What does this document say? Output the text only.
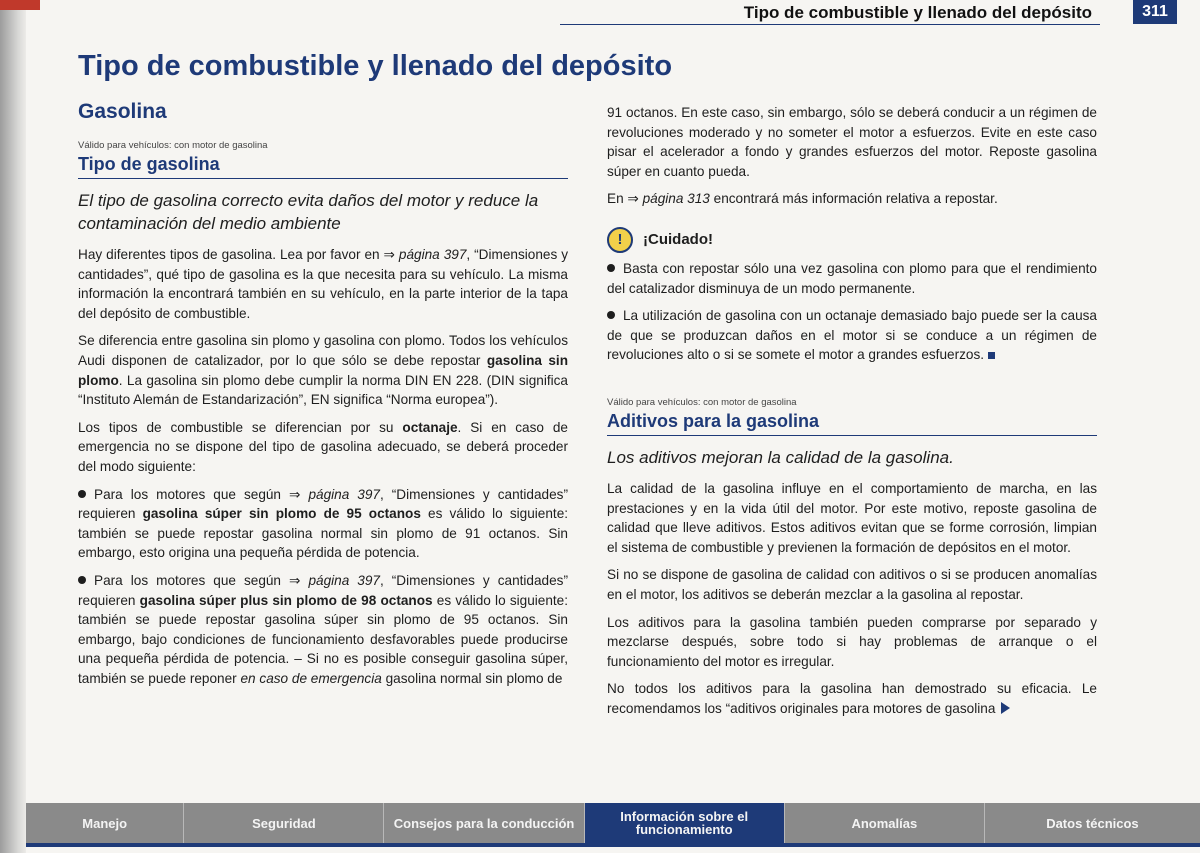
Tipo de combustible y llenado del depósito	311
Tipo de combustible y llenado del depósito
Gasolina
Válido para vehículos: con motor de gasolina
Tipo de gasolina
El tipo de gasolina correcto evita daños del motor y reduce la contaminación del medio ambiente

Hay diferentes tipos de gasolina. Lea por favor en ⇒ página 397, “Dimensiones y cantidades”, qué tipo de gasolina es la que necesita para su vehículo. La misma información la encontrará también en su vehículo, en la parte interior de la tapa del depósito de combustible.

Se diferencia entre gasolina sin plomo y gasolina con plomo. Todos los vehículos Audi disponen de catalizador, por lo que sólo se debe repostar gasolina sin plomo. La gasolina sin plomo debe cumplir la norma DIN EN 228. (DIN significa “Instituto Alemán de Estandarización”, EN significa “Norma europea”).

Los tipos de combustible se diferencian por su octanaje. Si en caso de emergencia no se dispone del tipo de gasolina adecuado, se deberá proceder del modo siguiente:

Para los motores que según ⇒ página 397, “Dimensiones y cantidades” requieren gasolina súper sin plomo de 95 octanos es válido lo siguiente: también se puede repostar gasolina normal sin plomo de 91 octanos. Sin embargo, esto origina una pequeña pérdida de potencia.

Para los motores que según ⇒ página 397, “Dimensiones y cantidades” requieren gasolina súper plus sin plomo de 98 octanos es válido lo siguiente: también se puede repostar gasolina súper sin plomo de 95 octanos. Sin embargo, bajo condiciones de funcionamiento desfavorables puede producirse una pequeña pérdida de potencia. – Si no es posible conseguir gasolina súper, también se puede reponer en caso de emergencia gasolina normal sin plomo de

91 octanos. En este caso, sin embargo, sólo se deberá conducir a un régimen de revoluciones moderado y no someter el motor a esfuerzos. Evite en este caso pisar el acelerador a fondo y grandes esfuerzos del motor. Reposte gasolina súper en cuanto pueda.

En ⇒ página 313 encontrará más información relativa a repostar.

!	¡Cuidado!

Basta con repostar sólo una vez gasolina con plomo para que el rendimiento del catalizador disminuya de un modo permanente.

La utilización de gasolina con un octanaje demasiado bajo puede ser la causa de que se produzcan daños en el motor si se conduce a un régimen de revoluciones alto o si se somete el motor a grandes esfuerzos.

Válido para vehículos: con motor de gasolina
Aditivos para la gasolina
Los aditivos mejoran la calidad de la gasolina.

La calidad de la gasolina influye en el comportamiento de marcha, en las prestaciones y en la vida útil del motor. Por este motivo, reposte gasolina de calidad que lleve aditivos. Estos aditivos evitan que se forme corrosión, limpian el sistema de combustible y previenen la formación de depósitos en el motor.

Si no se dispone de gasolina de calidad con aditivos o si se producen anomalías en el motor, los aditivos se deberán mezclar a la gasolina al repostar.

Los aditivos para la gasolina también pueden comprarse por separado y mezclarse después, sobre todo si hay problemas de arranque o el funcionamiento del motor es irregular.

No todos los aditivos para la gasolina han demostrado su eficacia. Le recomendamos los “aditivos originales para motores de gasolina

Manejo	Seguridad	Consejos para la conducción	Información sobre el funcionamiento	Anomalías	Datos técnicos
